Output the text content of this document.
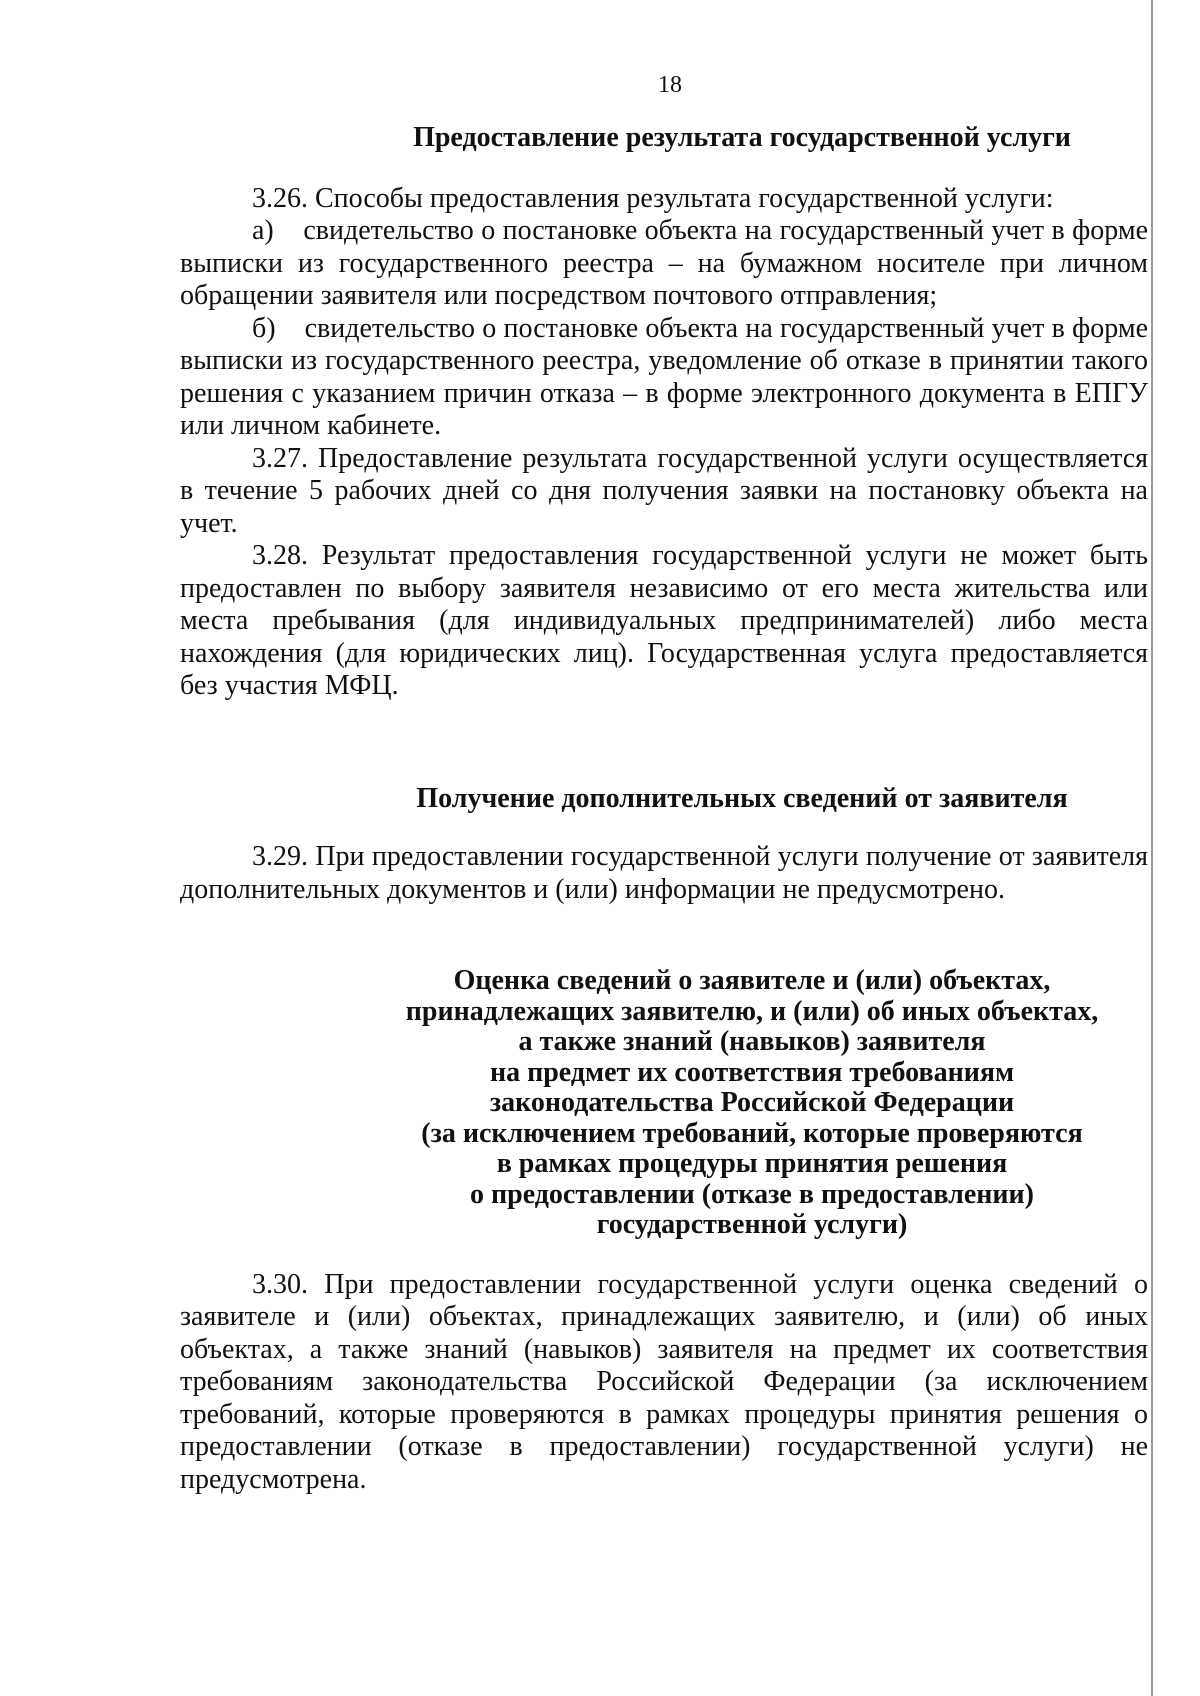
18

Предоставление результата государственной услуги

3.26. Способы предоставления результата государственной услуги:

а)    свидетельство о постановке объекта на государственный учет в форме выписки из государственного реестра – на бумажном носителе при личном обращении заявителя или посредством почтового отправления;

б)    свидетельство о постановке объекта на государственный учет в форме выписки из государственного реестра, уведомление об отказе в принятии такого решения с указанием причин отказа – в форме электронного документа в ЕПГУ или личном кабинете.

3.27. Предоставление результата государственной услуги осуществляется в течение 5 рабочих дней со дня получения заявки на постановку объекта на учет.

3.28. Результат предоставления государственной услуги не может быть предоставлен по выбору заявителя независимо от его места жительства или места пребывания (для индивидуальных предпринимателей) либо места нахождения (для юридических лиц). Государственная услуга предоставляется без участия МФЦ.

Получение дополнительных сведений от заявителя

3.29. При предоставлении государственной услуги получение от заявителя дополнительных документов и (или) информации не предусмотрено.

Оценка сведений о заявителе и (или) объектах,
принадлежащих заявителю, и (или) об иных объектах,
а также знаний (навыков) заявителя
на предмет их соответствия требованиям
законодательства Российской Федерации
(за исключением требований, которые проверяются
в рамках процедуры принятия решения
о предоставлении (отказе в предоставлении)
государственной услуги)

3.30. При предоставлении государственной услуги оценка сведений о заявителе и (или) объектах, принадлежащих заявителю, и (или) об иных объектах, а также знаний (навыков) заявителя на предмет их соответствия требованиям законодательства Российской Федерации (за исключением требований, которые проверяются в рамках процедуры принятия решения о предоставлении (отказе в предоставлении) государственной услуги) не предусмотрена.
